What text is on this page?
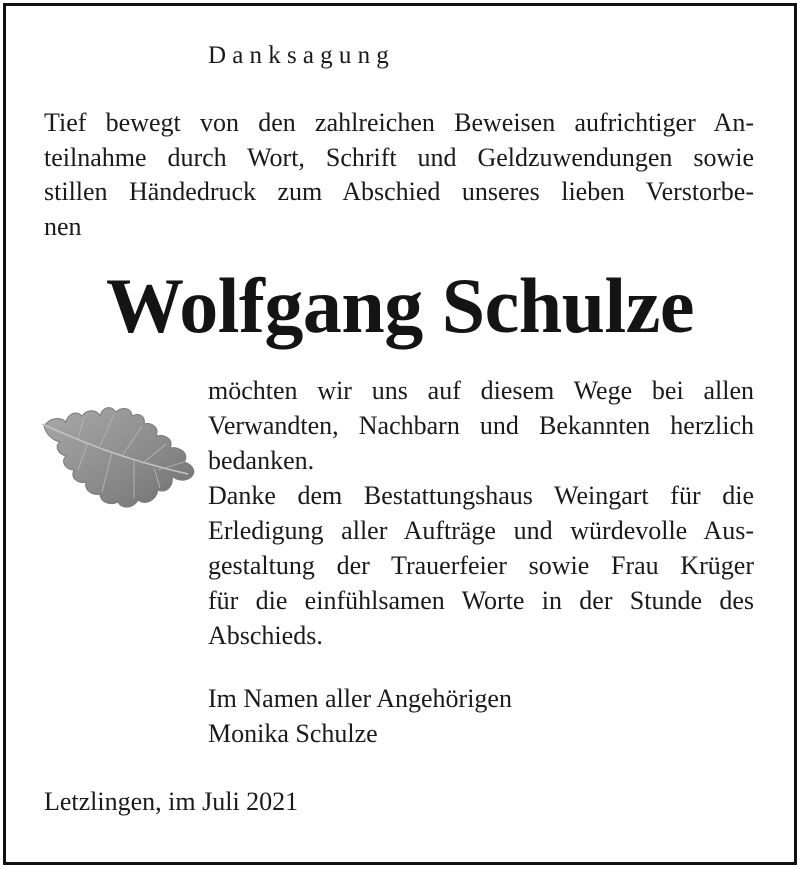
Danksagung
Tief bewegt von den zahlreichen Beweisen aufrichtiger An-
teilnahme durch Wort, Schrift und Geldzuwendungen sowie
stillen Händedruck zum Abschied unseres lieben Verstorbe-
nen
Wolfgang Schulze
möchten wir uns auf diesem Wege bei allen
Verwandten, Nachbarn und Bekannten herzlich
bedanken.
Danke dem Bestattungshaus Weingart für die
Erledigung aller Aufträge und würdevolle Aus-
gestaltung der Trauerfeier sowie Frau Krüger
für die einfühlsamen Worte in der Stunde des
Abschieds.
Im Namen aller Angehörigen
Monika Schulze
Letzlingen, im Juli 2021
